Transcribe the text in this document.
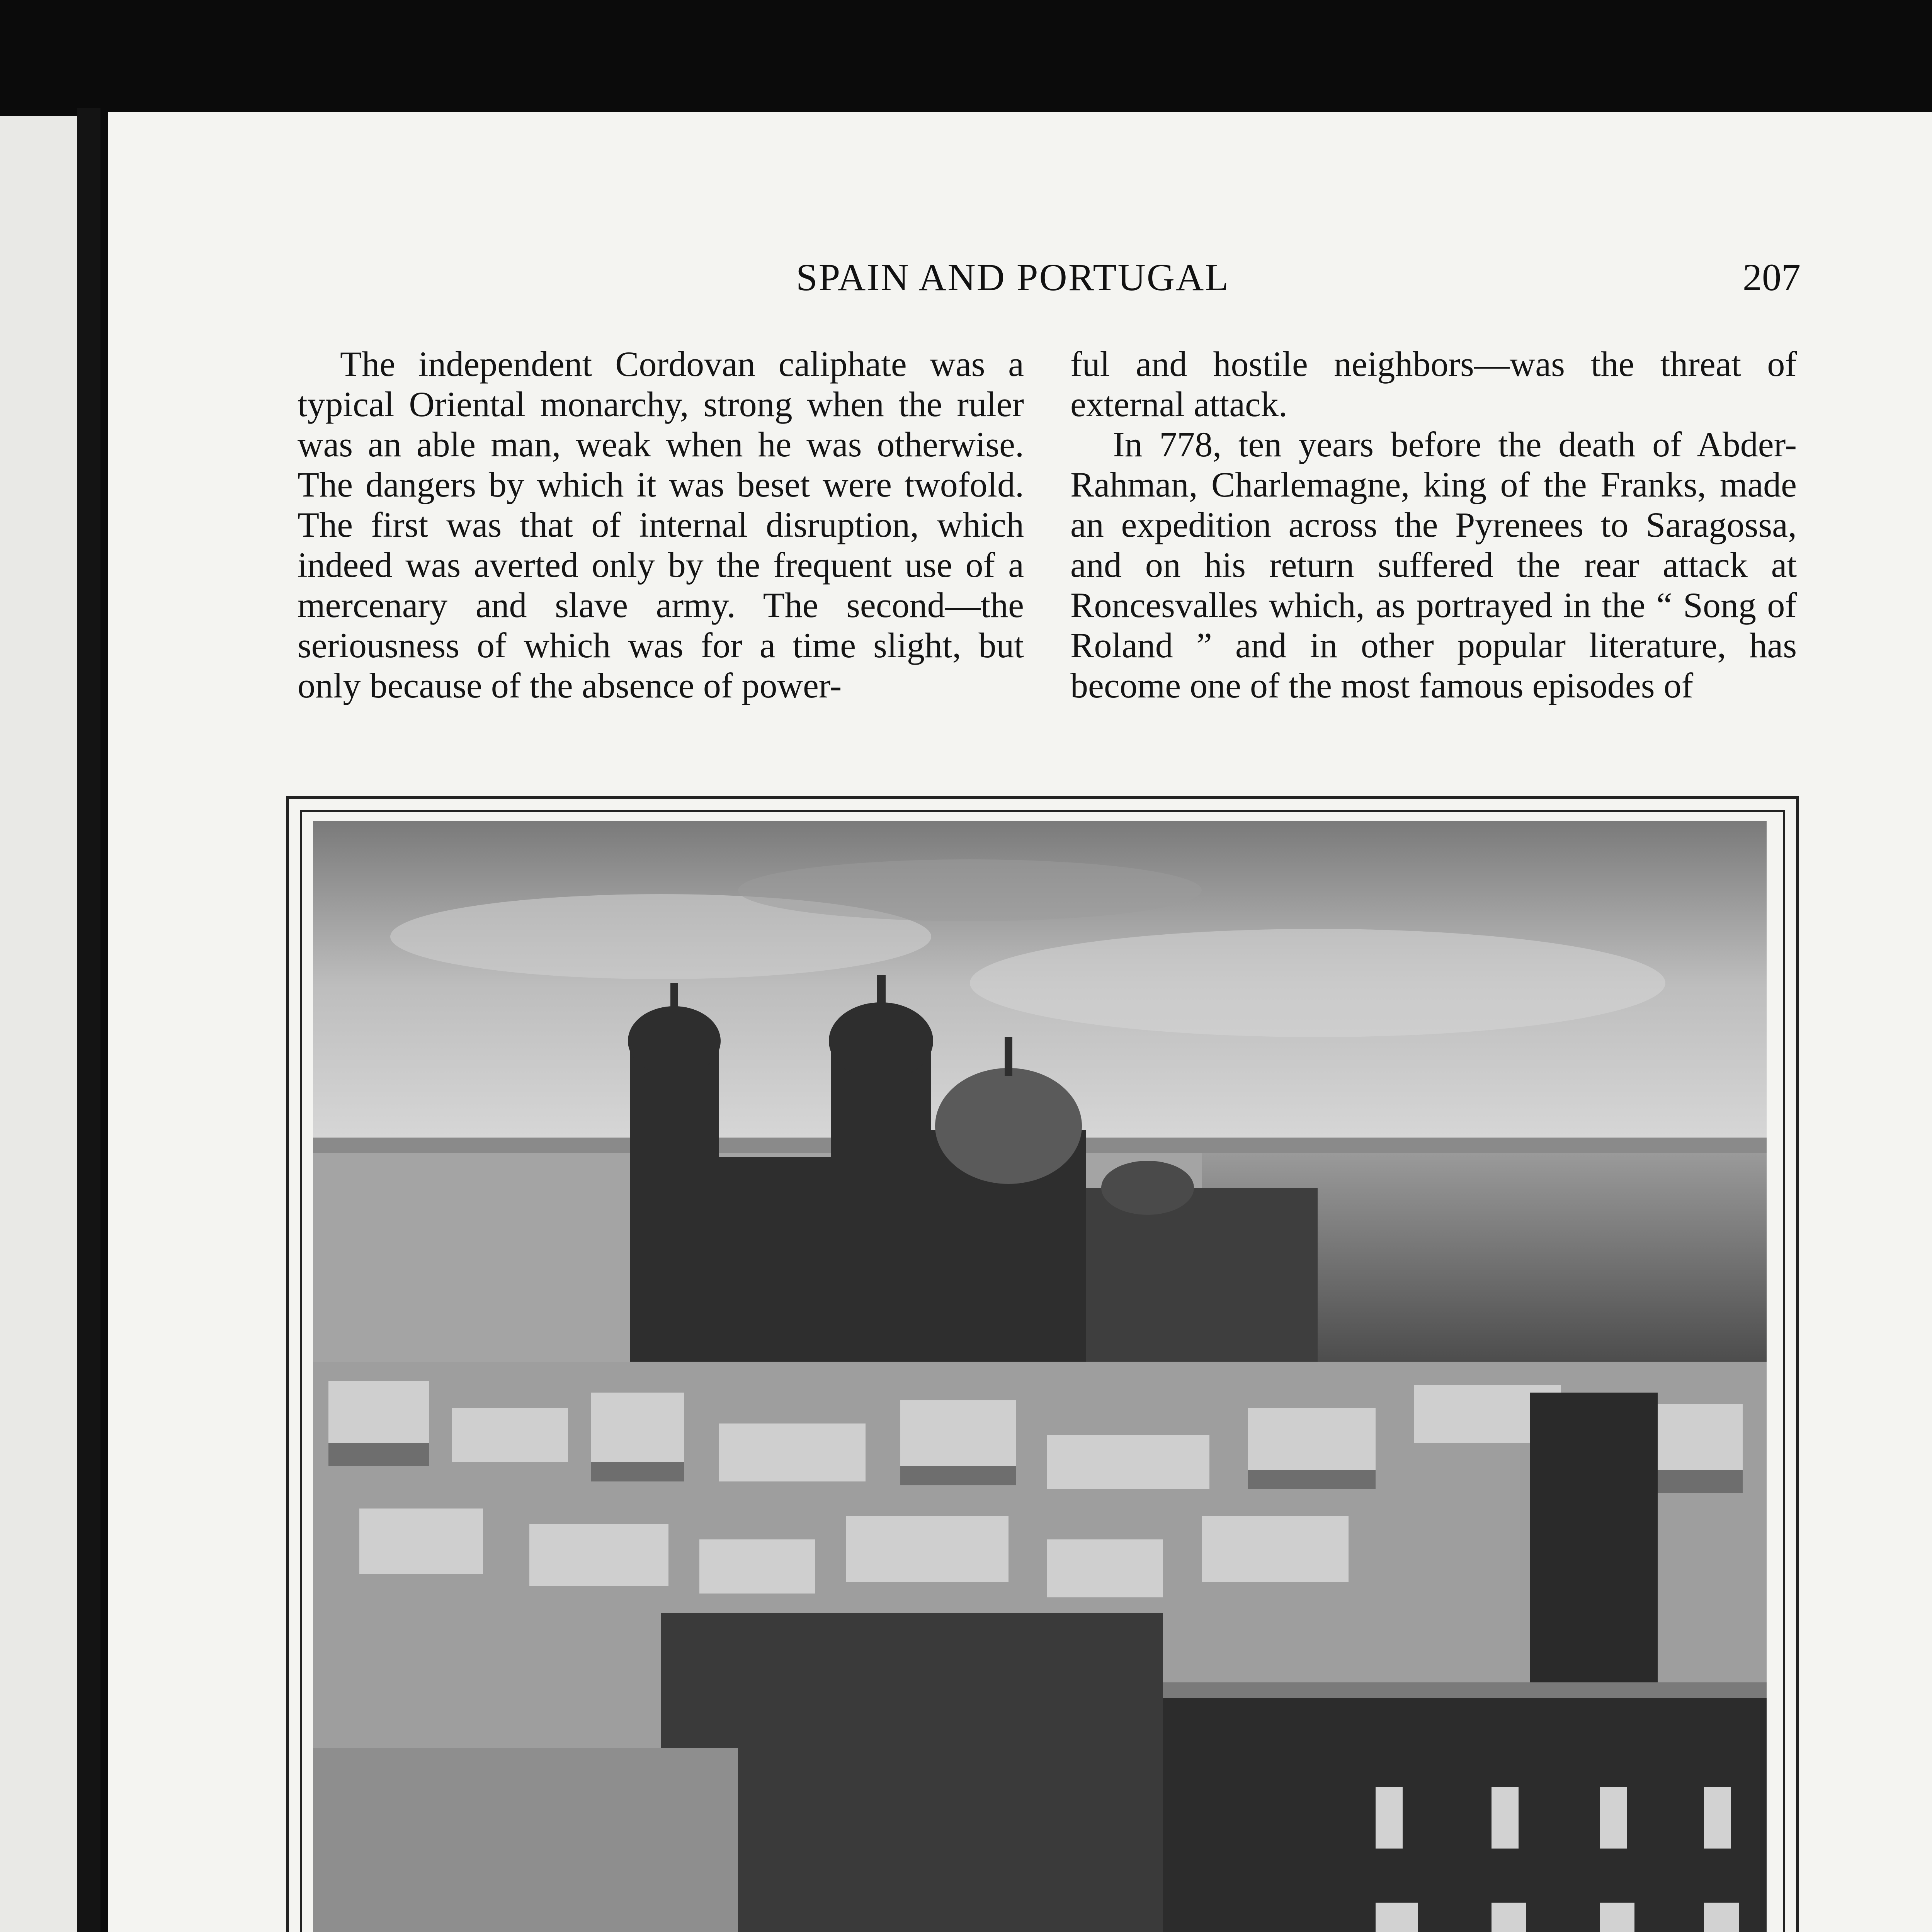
SPAIN AND PORTUGAL	207

The independent Cordovan caliphate was a typical Oriental monarchy, strong when the ruler was an able man, weak when he was otherwise. The dangers by which it was beset were twofold. The first was that of internal disruption, which indeed was averted only by the frequent use of a mercenary and slave army. The second—the seriousness of which was for a time slight, but only because of the absence of power-

ful and hostile neighbors—was the threat of external attack.

In 778, ten years before the death of Abder-Rahman, Charlemagne, king of the Franks, made an expedition across the Pyrenees to Saragossa, and on his return suffered the rear attack at Roncesvalles which, as portrayed in the “ Song of Roland ” and in other popular literature, has become one of the most famous episodes of
